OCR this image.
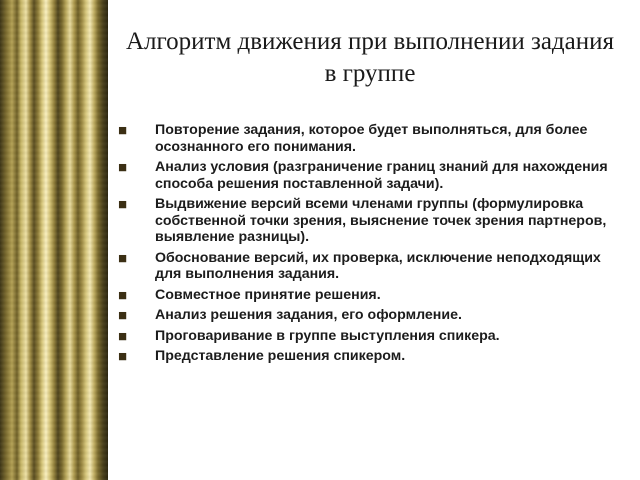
Алгоритм движения при выполнении задания в группе
■ Повторение задания, которое будет выполняться, для более осознанного его понимания.
■ Анализ условия (разграничение границ знаний для нахождения способа решения поставленной задачи).
■ Выдвижение версий всеми членами группы (формулировка собственной точки зрения, выяснение точек зрения партнеров, выявление разницы).
■ Обоснование версий, их проверка, исключение неподходящих для выполнения задания.
■ Совместное принятие решения.
■ Анализ решения задания, его оформление.
■ Проговаривание в группе выступления спикера.
■ Представление решения спикером.
